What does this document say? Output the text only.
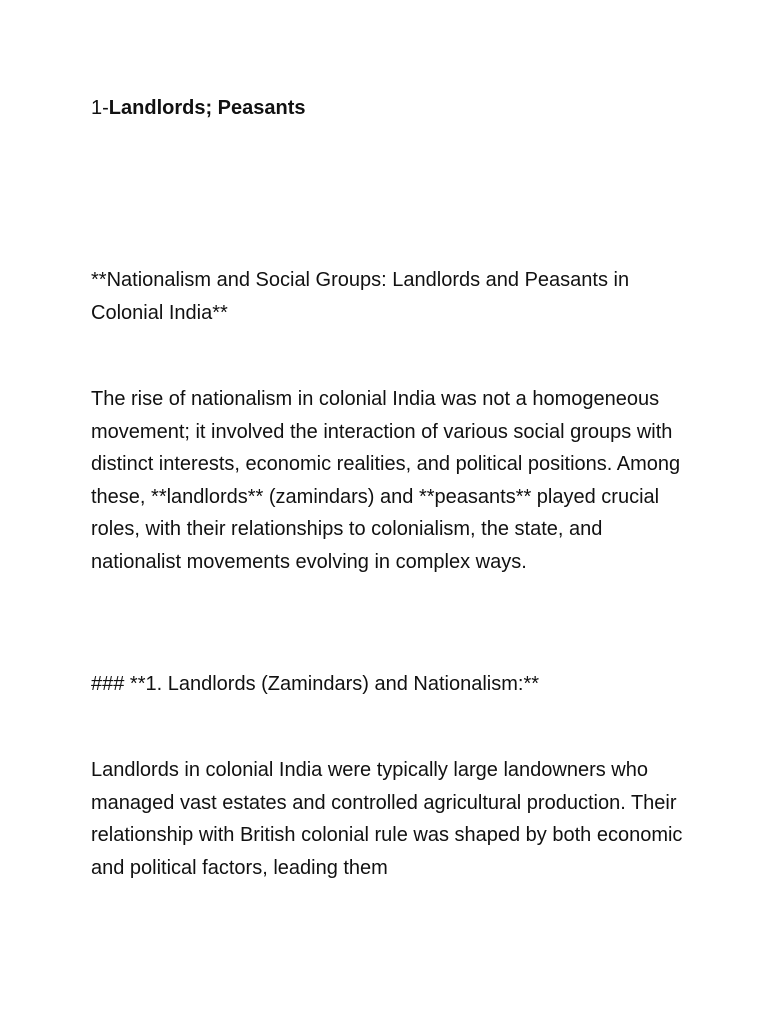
1-Landlords; Peasants

**Nationalism and Social Groups: Landlords and Peasants in Colonial India**

The rise of nationalism in colonial India was not a homogeneous movement; it involved the interaction of various social groups with distinct interests, economic realities, and political positions. Among these, **landlords** (zamindars) and **peasants** played crucial roles, with their relationships to colonialism, the state, and nationalist movements evolving in complex ways.

### **1. Landlords (Zamindars) and Nationalism:**

Landlords in colonial India were typically large landowners who managed vast estates and controlled agricultural production. Their relationship with British colonial rule was shaped by both economic and political factors, leading them
